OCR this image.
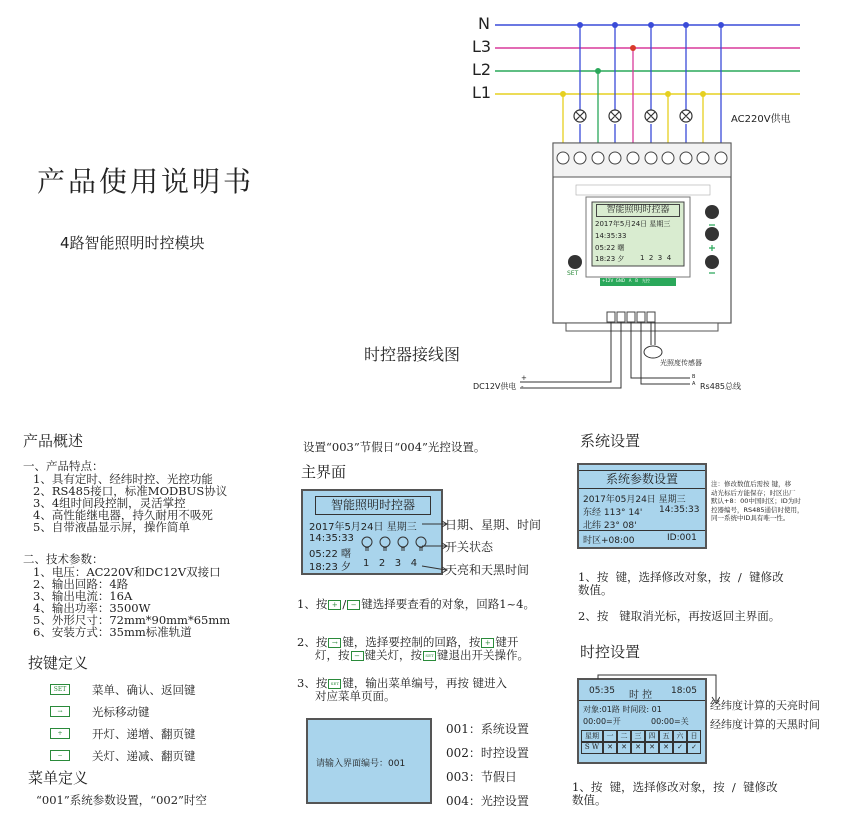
产品使用说明书
4路智能照明时控模块
N
L3
L2
L1
AC220V供电
SET
+12V  GND   A   B   光控
智能照明时控器
2017年5月24日 星期三
14:35:33
05:22 曙
18:23 夕 1  2  3  4
时控器接线图	光照度传感器
DC12V供电
+
-
B
A Rs485总线
产品概述
一、产品特点：
1、具有定时、经纬时控、光控功能
2、RS485接口，标准MODBUS协议
3、4组时间段控制，灵活掌控
4、高性能继电器，持久耐用不吸死
5、自带液晶显示屏，操作简单
二、技术参数：
1、电压：AC220V和DC12V双接口
2、输出回路：4路
3、输出电流：16A
4、输出功率：3500W
5、外形尺寸：72mm*90mm*65mm
6、安装方式：35mm标准轨道
按键定义
SET 菜单、确认、返回键
→	光标移动键
+	开灯、递增、翻页键
−	关灯、递减、翻页键
菜单定义
“001”系统参数设置，“002”时空
设置“003”节假日“004”光控设置。
主界面
智能照明时控器
2017年5月24日 星期三
14:35:33
05:22 曙
18:23 夕 1   2   3   4
日期、星期、时间
开关状态
天亮和天黑时间
1、按 + / − 键选择要查看的对象，回路1~4。
2、按 → 键，选择要控制的回路，按 + 键开
灯，按 − 键关灯，按 SET 键退出开关操作。
3、按 SET 键，输出菜单编号，再按 键进入
对应菜单页面。
请输入界面编号：001
001：系统设置
002：时控设置
003：节假日
004：光控设置
系统设置
系统参数设置
2017年05月24日 星期三
东经 113° 14' 14:35:33
北纬 23° 08'
时区+08:00	ID:001
注：修改数值后需按 键，移
动光标后方能保存；时区出厂
默认+8：00中国时区；ID为时
控器编号，RS485通信时使用，
同一系统中ID具有唯一性。
1、按  键，选择修改对象，按  /  键修改
数值。
2、按   键取消光标，再按返回主界面。
时控设置
05:35 时 控 18:05
对象:01路 时间段: 01
00:00=开	00:00=关
星期	一	二	三	四	五	六	日
S W	✕	✕	✕	✕	✕	✓	✓
经纬度计算的天亮时间
经纬度计算的天黑时间
1、按  键，选择修改对象，按  /  键修改
数值。
